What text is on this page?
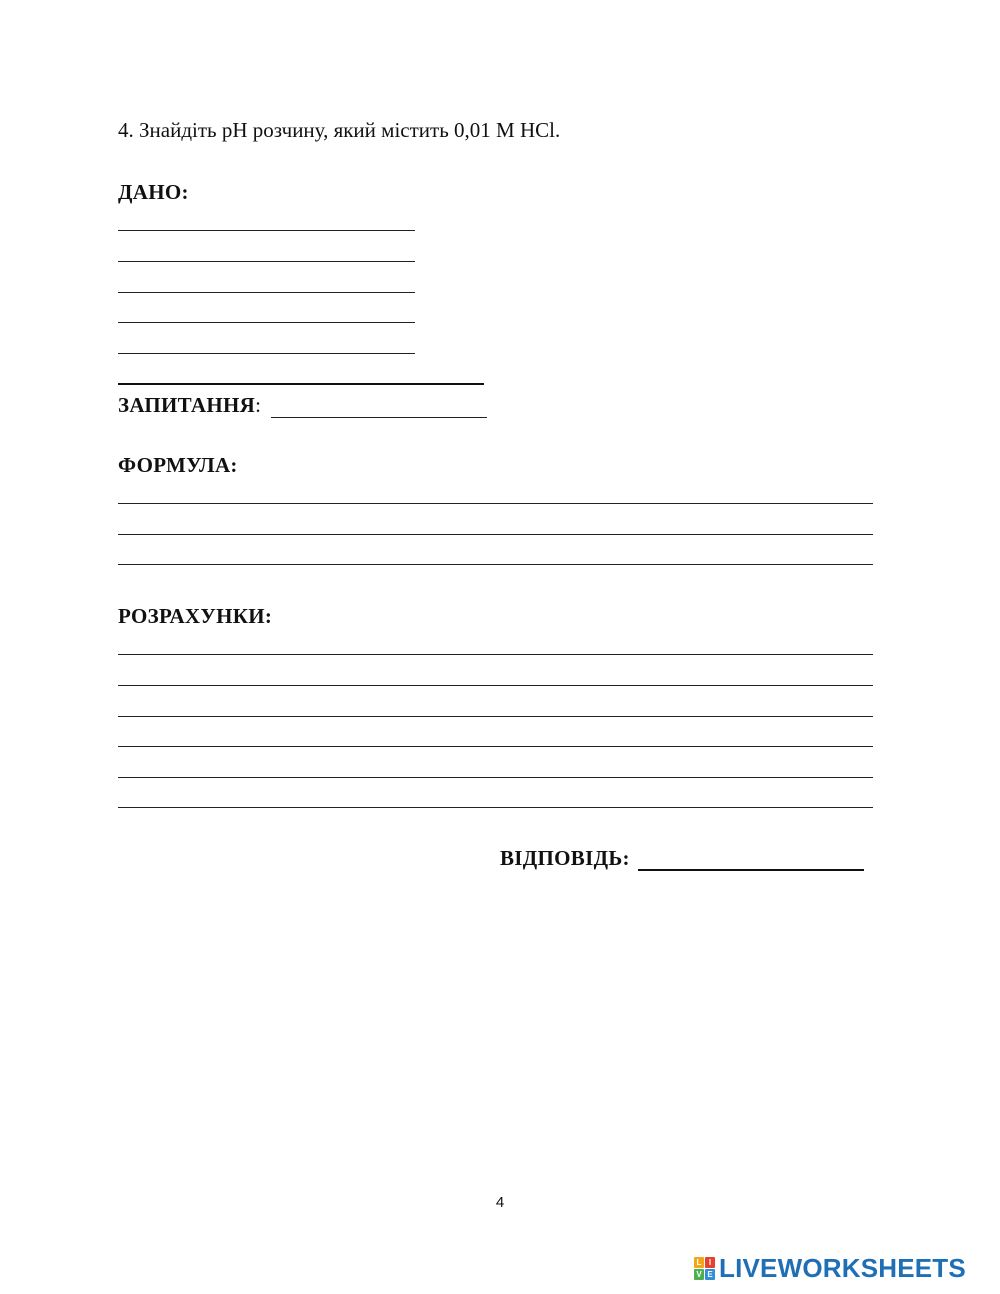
4. Знайдіть pH розчину, який містить 0,01 M HCl.
ДАНО:
ЗАПИТАННЯ :
ФОРМУЛА:
РОЗРАХУНКИ:
ВІДПОВІДЬ:
4
L I
V E LIVEWORKSHEETS
